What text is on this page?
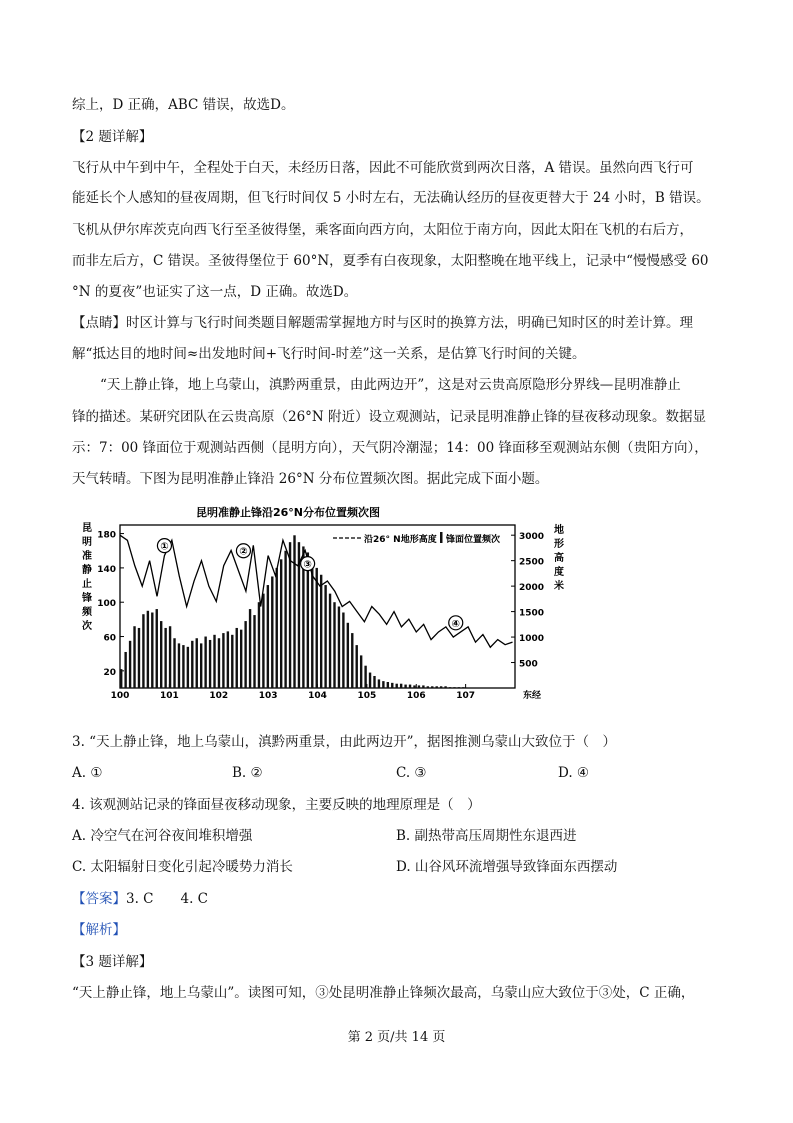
综上，D 正确，ABC 错误，故选D。
【2 题详解】
飞行从中午到中午，全程处于白天，未经历日落，因此不可能欣赏到两次日落，A 错误。虽然向西飞行可
能延长个人感知的昼夜周期，但飞行时间仅 5 小时左右，无法确认经历的昼夜更替大于 24 小时，B 错误。
飞机从伊尔库茨克向西飞行至圣彼得堡，乘客面向西方向，太阳位于南方向，因此太阳在飞机的右后方，
而非左后方，C 错误。圣彼得堡位于 60°N，夏季有白夜现象，太阳整晚在地平线上，记录中“慢慢感受 60
°N 的夏夜”也证实了这一点，D 正确。故选D。
【点睛】时区计算与飞行时间类题目解题需掌握地方时与区时的换算方法，明确已知时区的时差计算。理
解“抵达目的地时间≈出发地时间+飞行时间-时差”这一关系，是估算飞行时间的关键。
“天上静止锋，地上乌蒙山，滇黔两重景，由此两边开”，这是对云贵高原隐形分界线—昆明准静止
锋的描述。某研究团队在云贵高原（26°N 附近）设立观测站，记录昆明准静止锋的昼夜移动现象。数据显
示：7：00 锋面位于观测站西侧（昆明方向），天气阴冷潮湿；14：00 锋面移至观测站东侧（贵阳方向），
天气转晴。下图为昆明准静止锋沿 26°N 分布位置频次图。据此完成下面小题。
昆明准静止锋沿26°N分布位置频次图
20
60
100
140
180
500
1000
1500
2000
2500
3000
100	101	102	103	104	105	106	107	东经
昆
明
准
静
止
锋
频
次
地
形
高
度
米
①	②
③
④
沿26° N地形高度 锋面位置频次
3. “天上静止锋，地上乌蒙山，滇黔两重景，由此两边开”，据图推测乌蒙山大致位于（　）
A. ①	B. ②	C. ③	D. ④
4. 该观测站记录的锋面昼夜移动现象，主要反映的地理原理是（　）
A. 冷空气在河谷夜间堆积增强	B. 副热带高压周期性东退西进
C. 太阳辐射日变化引起冷暖势力消长	D. 山谷风环流增强导致锋面东西摆动
【答案】3. C　　4. C
【解析】
【3 题详解】
“天上静止锋，地上乌蒙山”。读图可知，③处昆明准静止锋频次最高，乌蒙山应大致位于③处，C 正确，
第 2 页/共 14 页
